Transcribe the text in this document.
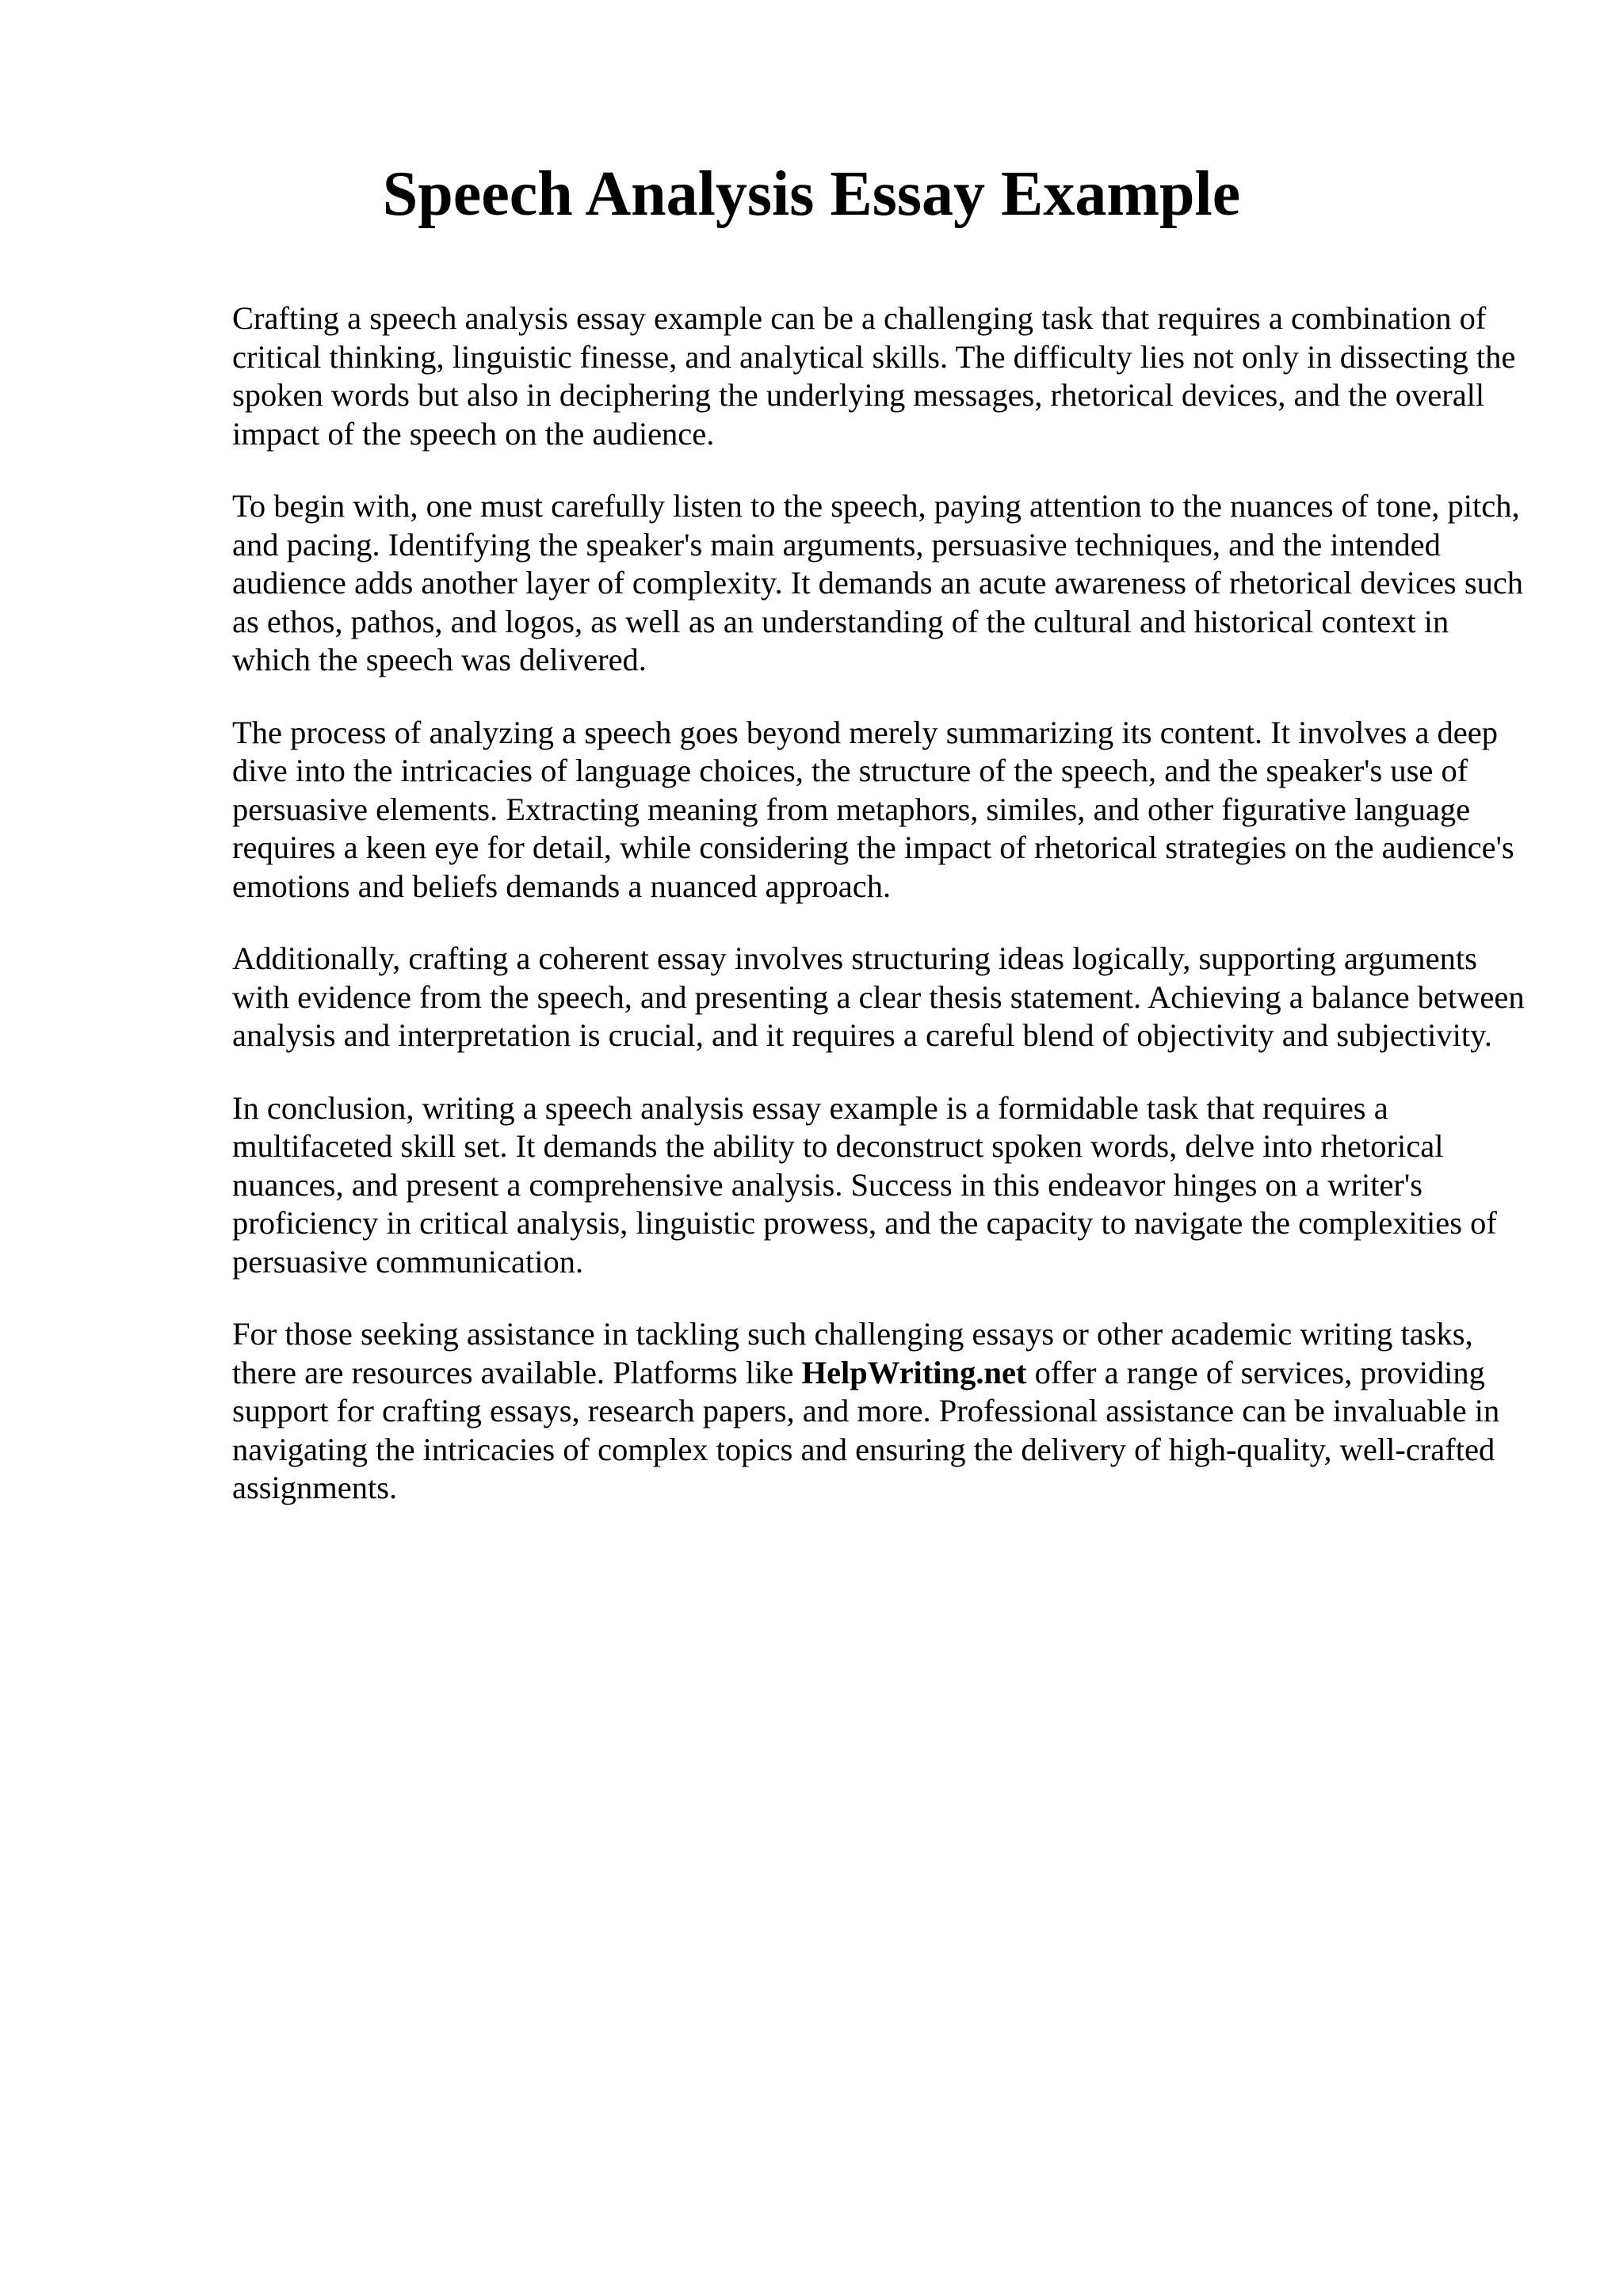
Speech Analysis Essay Example

Crafting a speech analysis essay example can be a challenging task that requires a combination of critical thinking, linguistic finesse, and analytical skills. The difficulty lies not only in dissecting the spoken words but also in deciphering the underlying messages, rhetorical devices, and the overall impact of the speech on the audience.

To begin with, one must carefully listen to the speech, paying attention to the nuances of tone, pitch, and pacing. Identifying the speaker's main arguments, persuasive techniques, and the intended audience adds another layer of complexity. It demands an acute awareness of rhetorical devices such as ethos, pathos, and logos, as well as an understanding of the cultural and historical context in which the speech was delivered.

The process of analyzing a speech goes beyond merely summarizing its content. It involves a deep dive into the intricacies of language choices, the structure of the speech, and the speaker's use of persuasive elements. Extracting meaning from metaphors, similes, and other figurative language requires a keen eye for detail, while considering the impact of rhetorical strategies on the audience's emotions and beliefs demands a nuanced approach.

Additionally, crafting a coherent essay involves structuring ideas logically, supporting arguments with evidence from the speech, and presenting a clear thesis statement. Achieving a balance between analysis and interpretation is crucial, and it requires a careful blend of objectivity and subjectivity.

In conclusion, writing a speech analysis essay example is a formidable task that requires a multifaceted skill set. It demands the ability to deconstruct spoken words, delve into rhetorical nuances, and present a comprehensive analysis. Success in this endeavor hinges on a writer's proficiency in critical analysis, linguistic prowess, and the capacity to navigate the complexities of persuasive communication.

For those seeking assistance in tackling such challenging essays or other academic writing tasks, there are resources available. Platforms like HelpWriting.net offer a range of services, providing support for crafting essays, research papers, and more. Professional assistance can be invaluable in navigating the intricacies of complex topics and ensuring the delivery of high-quality, well-crafted assignments.
